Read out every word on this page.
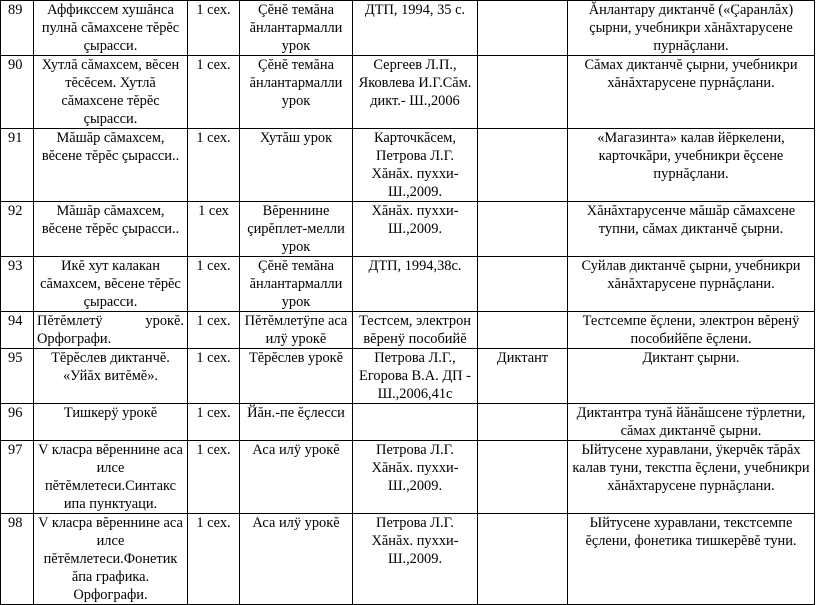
89	Аффикссем хушăнса пулнă сăмахсене тĕрĕс çырасси.	1 сех.	Çĕнĕ темăна ăнлантармалли урок	ДТП, 1994, 35 с.		Ăнлантару диктанчĕ («Çаранлăх) çырни, учебникри хăнăхтарусене пурнăçлани.
90	Хутлă сăмахсем, вĕсен тĕсĕсем. Хутлă сăмахсене тĕрĕс çырасси.	1 сех.	Çĕнĕ темăна ăнлантармалли урок	Сергеев Л.П., Яковлева И.Г.Сăм. дикт.- Ш.,2006		Сăмах диктанчĕ çырни, учебникри хăнăхтарусене пурнăçлани.
91	Мăшăр сăмахсем, вĕсене тĕрĕс çырасси..	1 сех.	Хутăш урок	Карточкăсем, Петрова Л.Г. Хăнăх. пуххи-Ш.,2009.		«Магазинта» калав йĕркелени, карточкăри, учебникри ĕçсене пурнăçлани.
92	Мăшăр сăмахсем, вĕсене тĕрĕс çырасси..	1 сех	Вĕреннине çирĕплет-мелли урок	Хăнăх. пуххи-Ш.,2009.		Хăнăхтарусенче мăшăр сăмахсене тупни, сăмах диктанчĕ çырни.
93	Икĕ хут калакан сăмахсем, вĕсене тĕрĕс çырасси.	1 сех.	Çĕнĕ темăна ăнлантармалли урок	ДТП, 1994,38с.		Суйлав диктанчĕ çырни, учебникри хăнăхтарусене пурнăçлани.
94	Пĕтĕмлетÿ урокĕ. Орфографи.	1 сех.	Пĕтĕмлетÿпе аса илÿ урокĕ	Тестсем, электрон вĕренÿ пособийĕ		Тестсемпе ĕçлени, электрон вĕренÿ пособийĕпе ĕçлени.
95	Тĕрĕслев диктанчĕ. «Уйăх витĕмĕ».	1 сех.	Тĕрĕслев урокĕ	Петрова Л.Г., Егорова В.А. ДП - Ш.,2006,41с	Диктант	Диктант çырни.
96	Тишкерÿ урокĕ	1 сех.	Йăн.-пе ĕçлесси			Диктантра тунă йăнăшсене тÿрлетни, сăмах диктанчĕ çырни.
97	V класра вĕреннине аса илсе пĕтĕмлетеси.Синтакс ипа пунктуаци.	1 сех.	Аса илÿ урокĕ	Петрова Л.Г. Хăнăх. пуххи-Ш.,2009.		Ыйтусене хуравлани, ÿкерчĕк тăрăх калав туни, текстпа ĕçлени, учебникри хăнăхтарусене пурнăçлани.
98	V класра вĕреннине аса илсе пĕтĕмлетеси.Фонетик ăпа графика. Орфографи.	1 сех.	Аса илÿ урокĕ	Петрова Л.Г. Хăнăх. пуххи-Ш.,2009.		Ыйтусене хуравлани, текстсемпе ĕçлени, фонетика тишкерĕвĕ туни.
